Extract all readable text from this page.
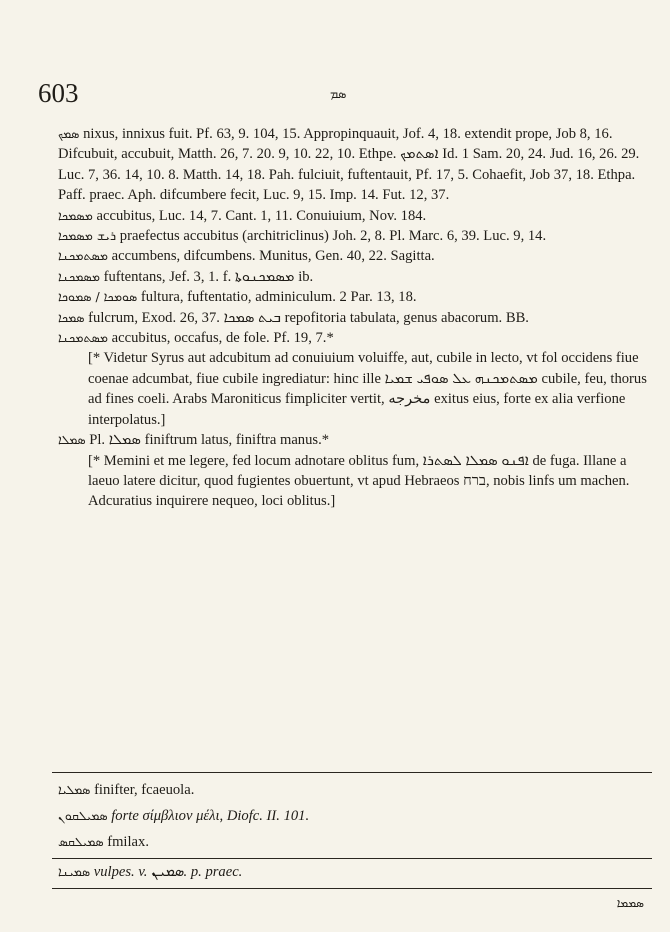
603	ܣܡ

ܣܡܟ nixus, innixus fuit. Pf. 63, 9. 104, 15. Appropinquauit, Jof. 4, 18. extendit prope, Job 8, 16. Difcubuit, accubuit, Matth. 26, 7. 20. 9, 10. 22, 10. Ethpe. ܐܣܬܡܟ Id. 1 Sam. 20, 24. Jud. 16, 26. 29. Luc. 7, 36. 14, 10. 8. Matth. 14, 18. Pah. fulciuit, fuftentauit, Pf. 17, 5. Cohaefit, Job 37, 18. Ethpa. Paff. praec. Aph. difcumbere fecit, Luc. 9, 15. Imp. 14. Fut. 12, 37.

ܡܣܡܟܐ accubitus, Luc. 14, 7. Cant. 1, 11. Conuiuium, Nov. 184.

ܪܝܫ ܡܣܡܟܐ praefectus accubitus (architriclinus) Joh. 2, 8. Pl. Marc. 6, 39. Luc. 9, 14.

ܡܣܬܡܟܢܐ accumbens, difcumbens. Munitus, Gen. 40, 22. Sagitta.

ܡܣܡܟܢܐ fuftentans, Jef. 3, 1. f. ܡܣܡܟܢܘܬܐ ib.

ܣܘܡܟܐ / ܣܡܘܟܐ fultura, fuftentatio, adminiculum. 2 Par. 13, 18.

ܣܡܟܐ fulcrum, Exod. 26, 37. ܒܝܬ ܣܡܟܐ repofitoria tabulata, genus abacorum. BB.

ܡܣܬܡܟܢܐ accubitus, occafus, de fole. Pf. 19, 7.*

[* Videtur Syrus aut adcubitum ad conuiuium voluiffe, aut, cubile in lecto, vt fol occidens fiue coenae adcumbat, fiue cubile ingrediatur: hinc ille ܡܣܬܡܟܢܗ ܥܠ ܣܘܦܝ ܫܡܝܐ cubile, feu, thorus ad fines coeli. Arabs Maroniticus fimpliciter vertit, مخرجه exitus eius, forte ex alia verfione interpolatus.]

ܣܡܠܐ Pl. ܣܡܠܐ finiftrum latus, finiftra manus.*

[* Memini et me legere, fed locum adnotare oblitus fum, ܐܦܢܘ ܣܡܠܐ ܠܣܬܪܐ de fuga. Illane a laeuo latere dicitur, quod fugientes obuertunt, vt apud Hebraeos ברח, nobis linfs um machen. Adcuratius inquirere nequeo, loci oblitus.]

ܣܡܠܝܐ finifter, fcaeuola.
ܣܡܝܠܩܘܢ forte σίμβλιον μέλι, Diofc. II. 101.
ܣܡܝܠܩܣ fmilax.
ܣܡܝܢܐ vulpes. v. ܣܡܝܢ. p. praec.
ܣܡܡܐ
